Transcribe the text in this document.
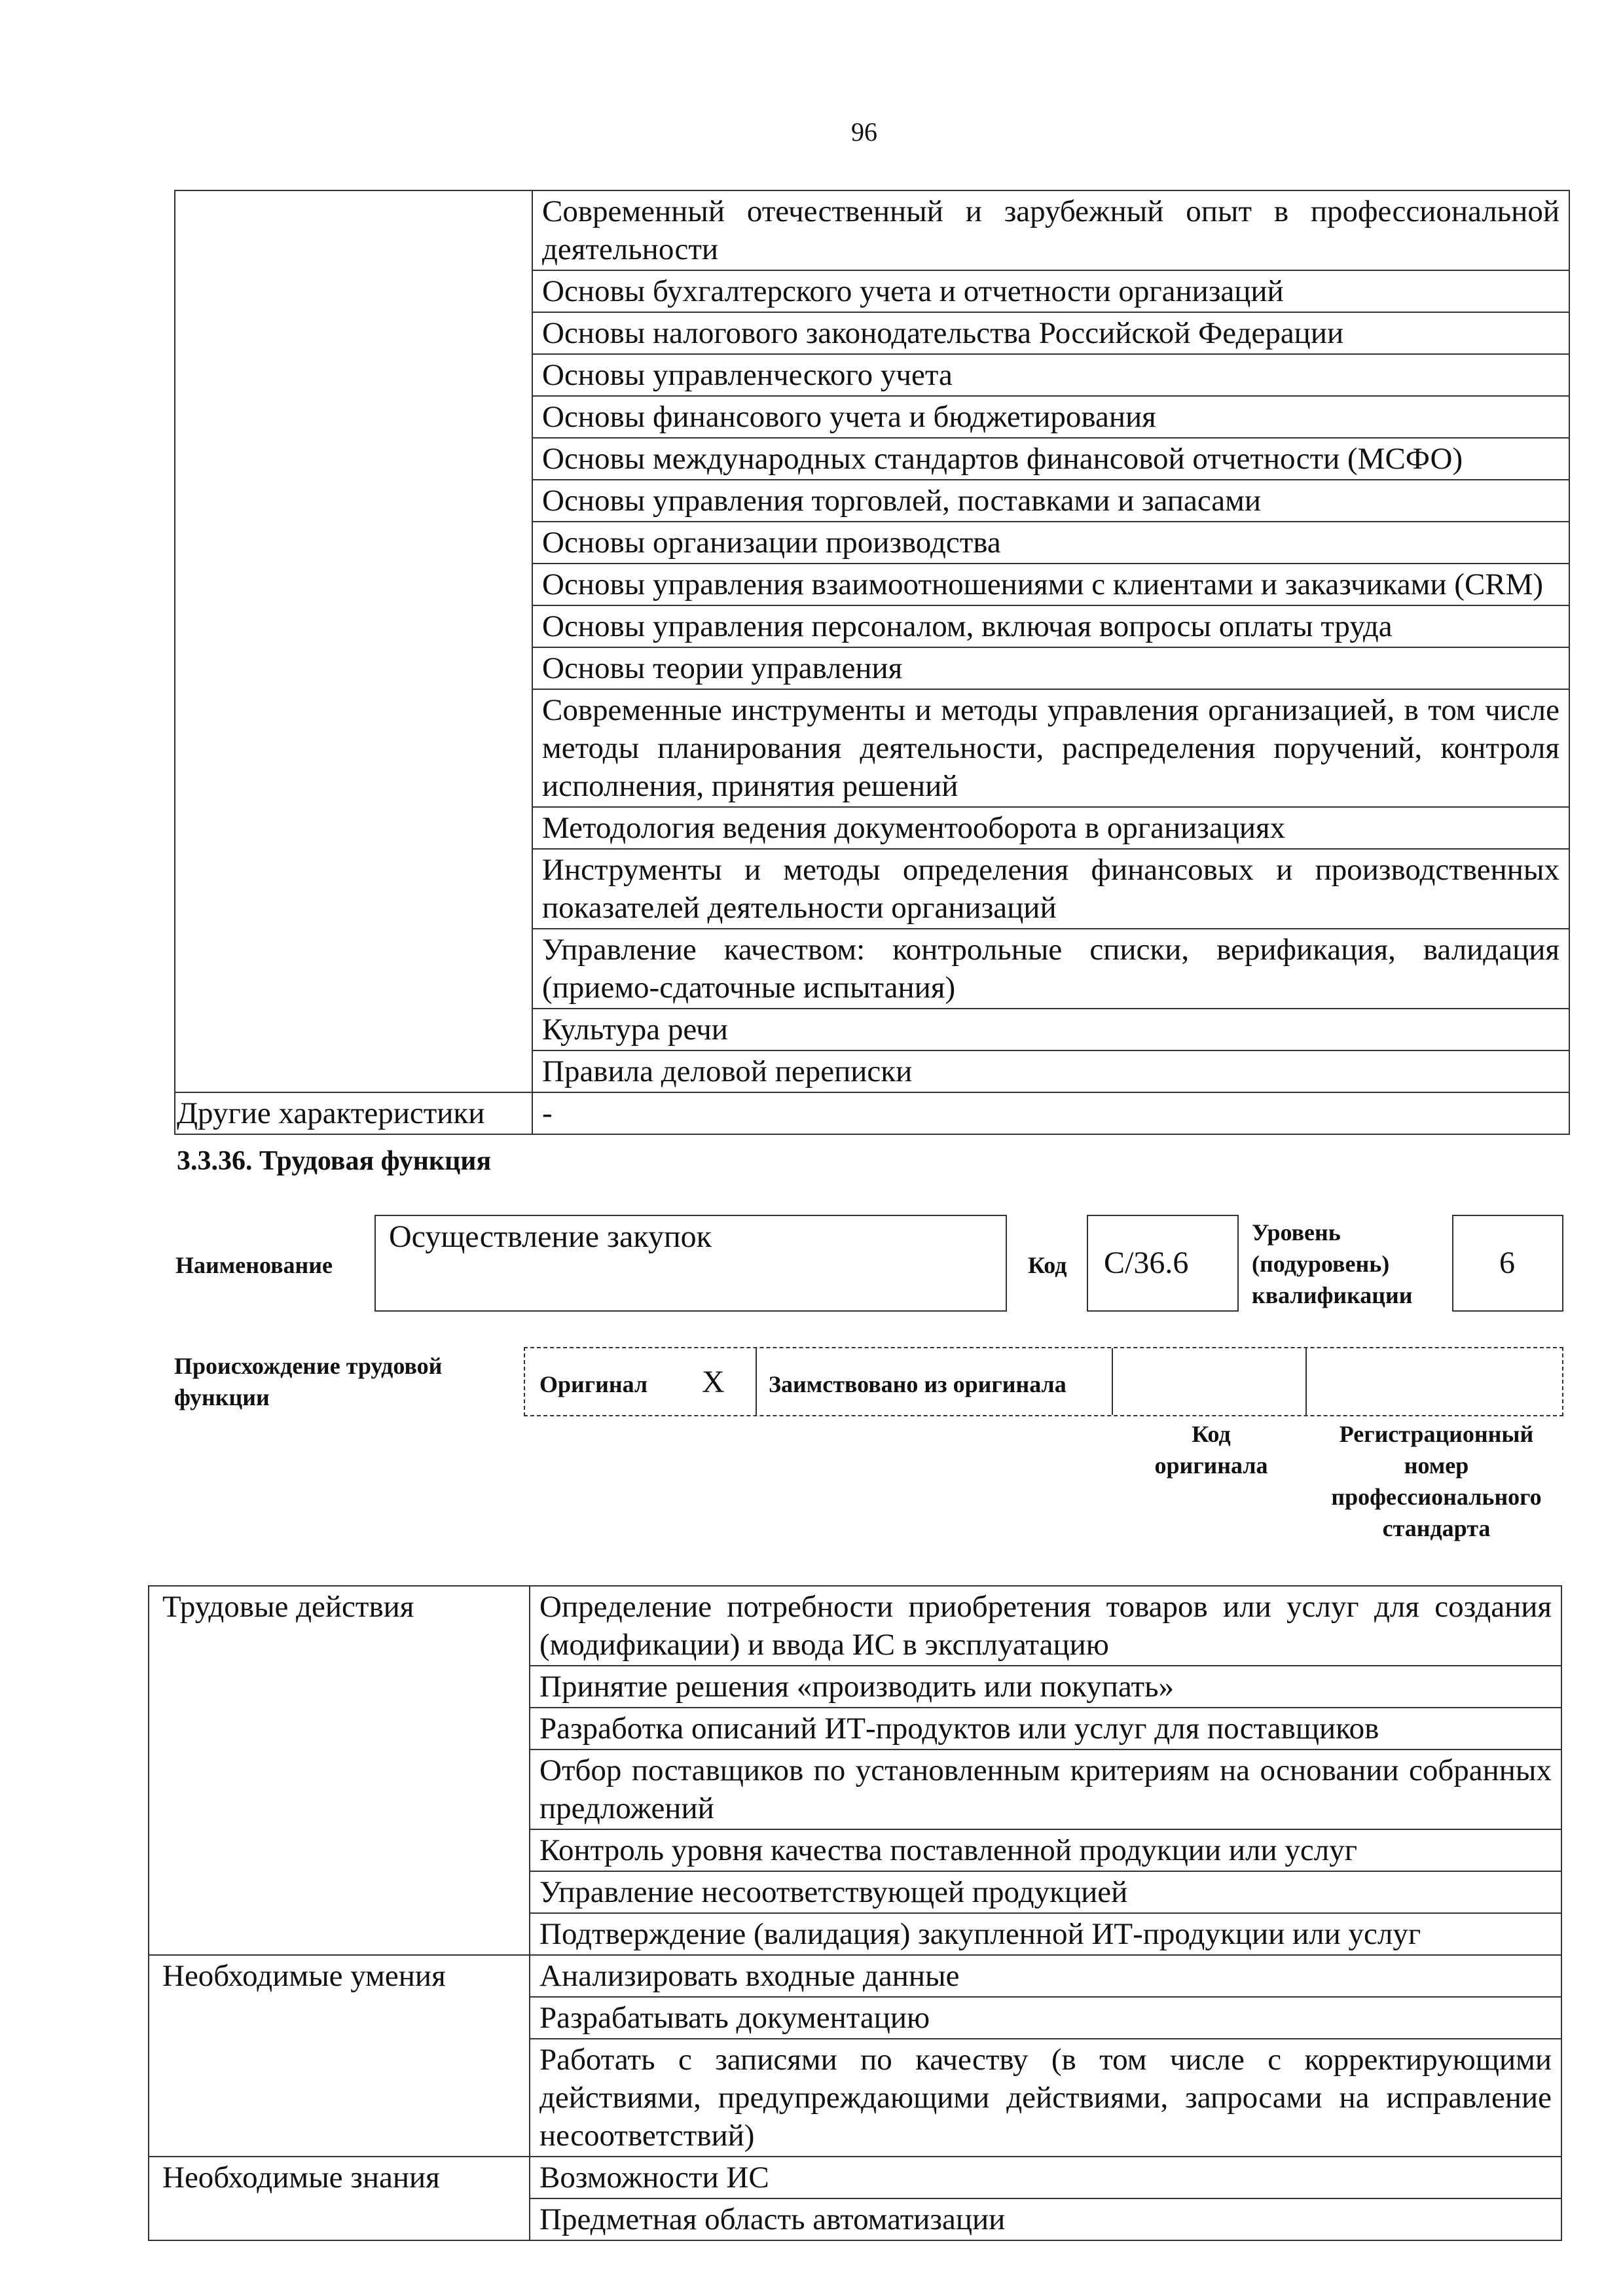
96
	Современный отечественный и зарубежный опыт в профессиональной деятельности
	Основы бухгалтерского учета и отчетности организаций
	Основы налогового законодательства Российской Федерации
	Основы управленческого учета
	Основы финансового учета и бюджетирования
	Основы международных стандартов финансовой отчетности (МСФО)
	Основы управления торговлей, поставками и запасами
	Основы организации производства
	Основы управления взаимоотношениями с клиентами и заказчиками (CRM)
	Основы управления персоналом, включая вопросы оплаты труда
	Основы теории управления
	Современные инструменты и методы управления организацией, в том числе методы планирования деятельности, распределения поручений, контроля исполнения, принятия решений
	Методология ведения документооборота в организациях
	Инструменты и методы определения финансовых и производственных показателей деятельности организаций
	Управление качеством: контрольные списки, верификация, валидация (приемо-сдаточные испытания)
	Культура речи
	Правила деловой переписки
Другие характеристики	-
3.3.36. Трудовая функция
Наименование
Осуществление закупок
Код C/36.6
Уровень
(подуровень)
квалификации
6
Происхождение трудовой
функции	Оригинал X Заимствовано из оригинала
Код
оригинала
Регистрационный
номер
профессионального
стандарта
Трудовые действия	Определение потребности приобретения товаров или услуг для создания (модификации) и ввода ИС в эксплуатацию
	Принятие решения «производить или покупать»
	Разработка описаний ИТ-продуктов или услуг для поставщиков
	Отбор поставщиков по установленным критериям на основании собранных предложений
	Контроль уровня качества поставленной продукции или услуг
	Управление несоответствующей продукцией
	Подтверждение (валидация) закупленной ИТ-продукции или услуг
Необходимые умения	Анализировать входные данные
	Разрабатывать документацию
	Работать с записями по качеству (в том числе с корректирующими действиями, предупреждающими действиями, запросами на исправление несоответствий)
Необходимые знания	Возможности ИС
	Предметная область автоматизации
